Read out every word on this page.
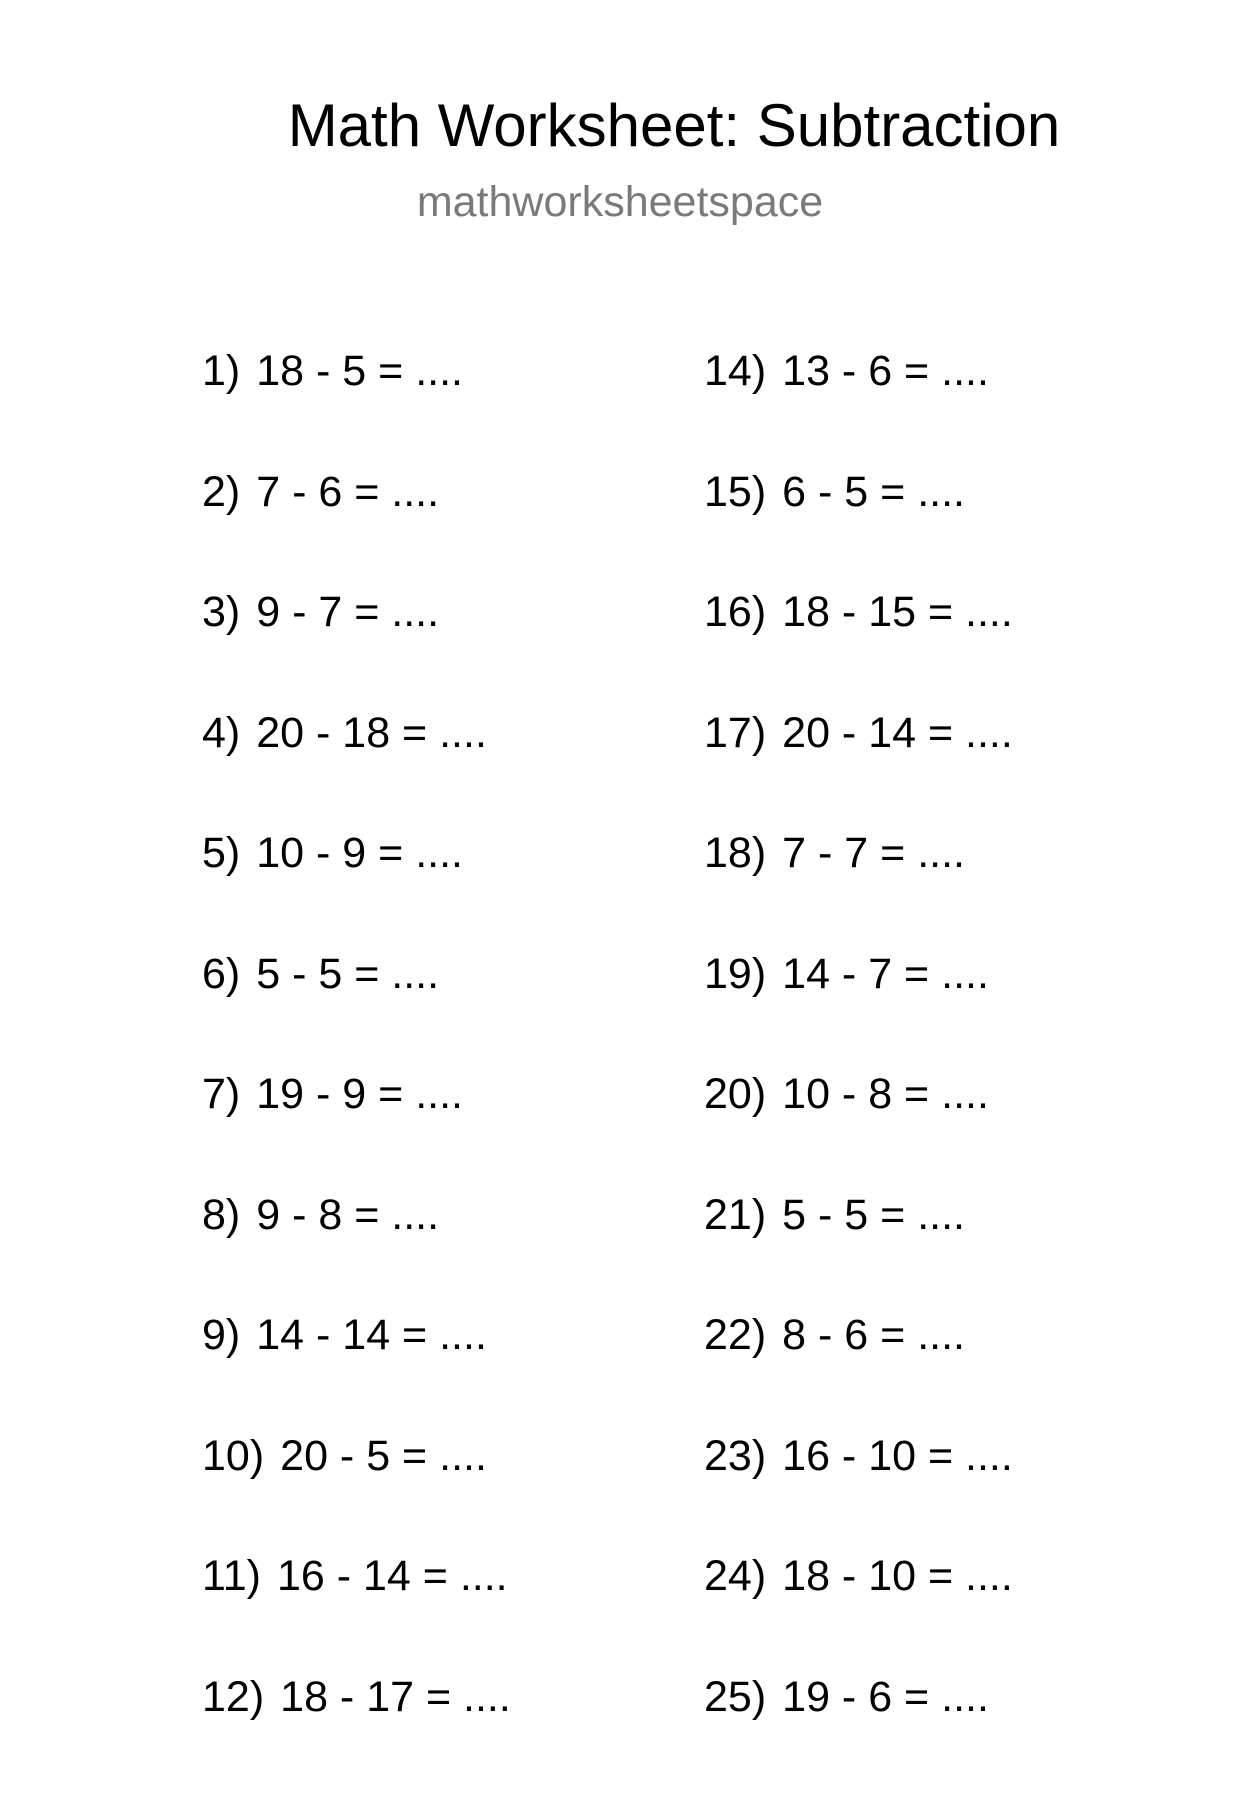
Math Worksheet: Subtraction
mathworksheetspace
1) 18 - 5 = ....
2) 7 - 6 = ....
3) 9 - 7 = ....
4) 20 - 18 = ....
5) 10 - 9 = ....
6) 5 - 5 = ....
7) 19 - 9 = ....
8) 9 - 8 = ....
9) 14 - 14 = ....
10) 20 - 5 = ....
11) 16 - 14 = ....
12) 18 - 17 = ....
14) 13 - 6 = ....
15) 6 - 5 = ....
16) 18 - 15 = ....
17) 20 - 14 = ....
18) 7 - 7 = ....
19) 14 - 7 = ....
20) 10 - 8 = ....
21) 5 - 5 = ....
22) 8 - 6 = ....
23) 16 - 10 = ....
24) 18 - 10 = ....
25) 19 - 6 = ....
